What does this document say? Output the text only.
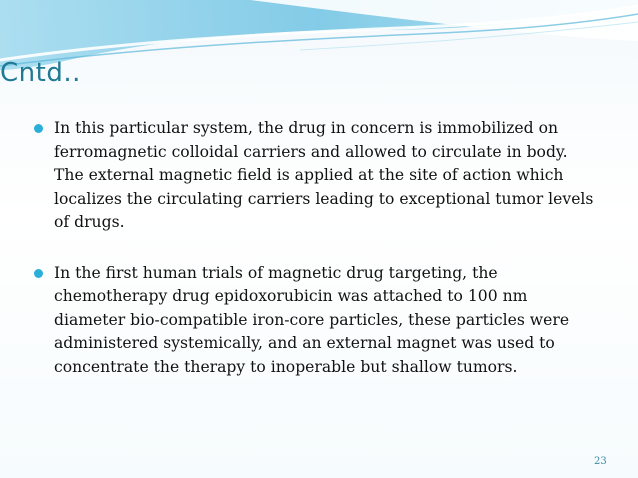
Cntd..
In this particular system, the drug in concern is immobilized on ferromagnetic colloidal carriers and allowed to circulate in body. The external magnetic field is applied at the site of action which localizes the circulating carriers leading to exceptional tumor levels of drugs.
In the first human trials of magnetic drug targeting, the chemotherapy drug epidoxorubicin was attached to 100 nm diameter bio-compatible iron-core particles, these particles were administered systemically, and an external magnet was used to concentrate the therapy to inoperable but shallow tumors.
23
